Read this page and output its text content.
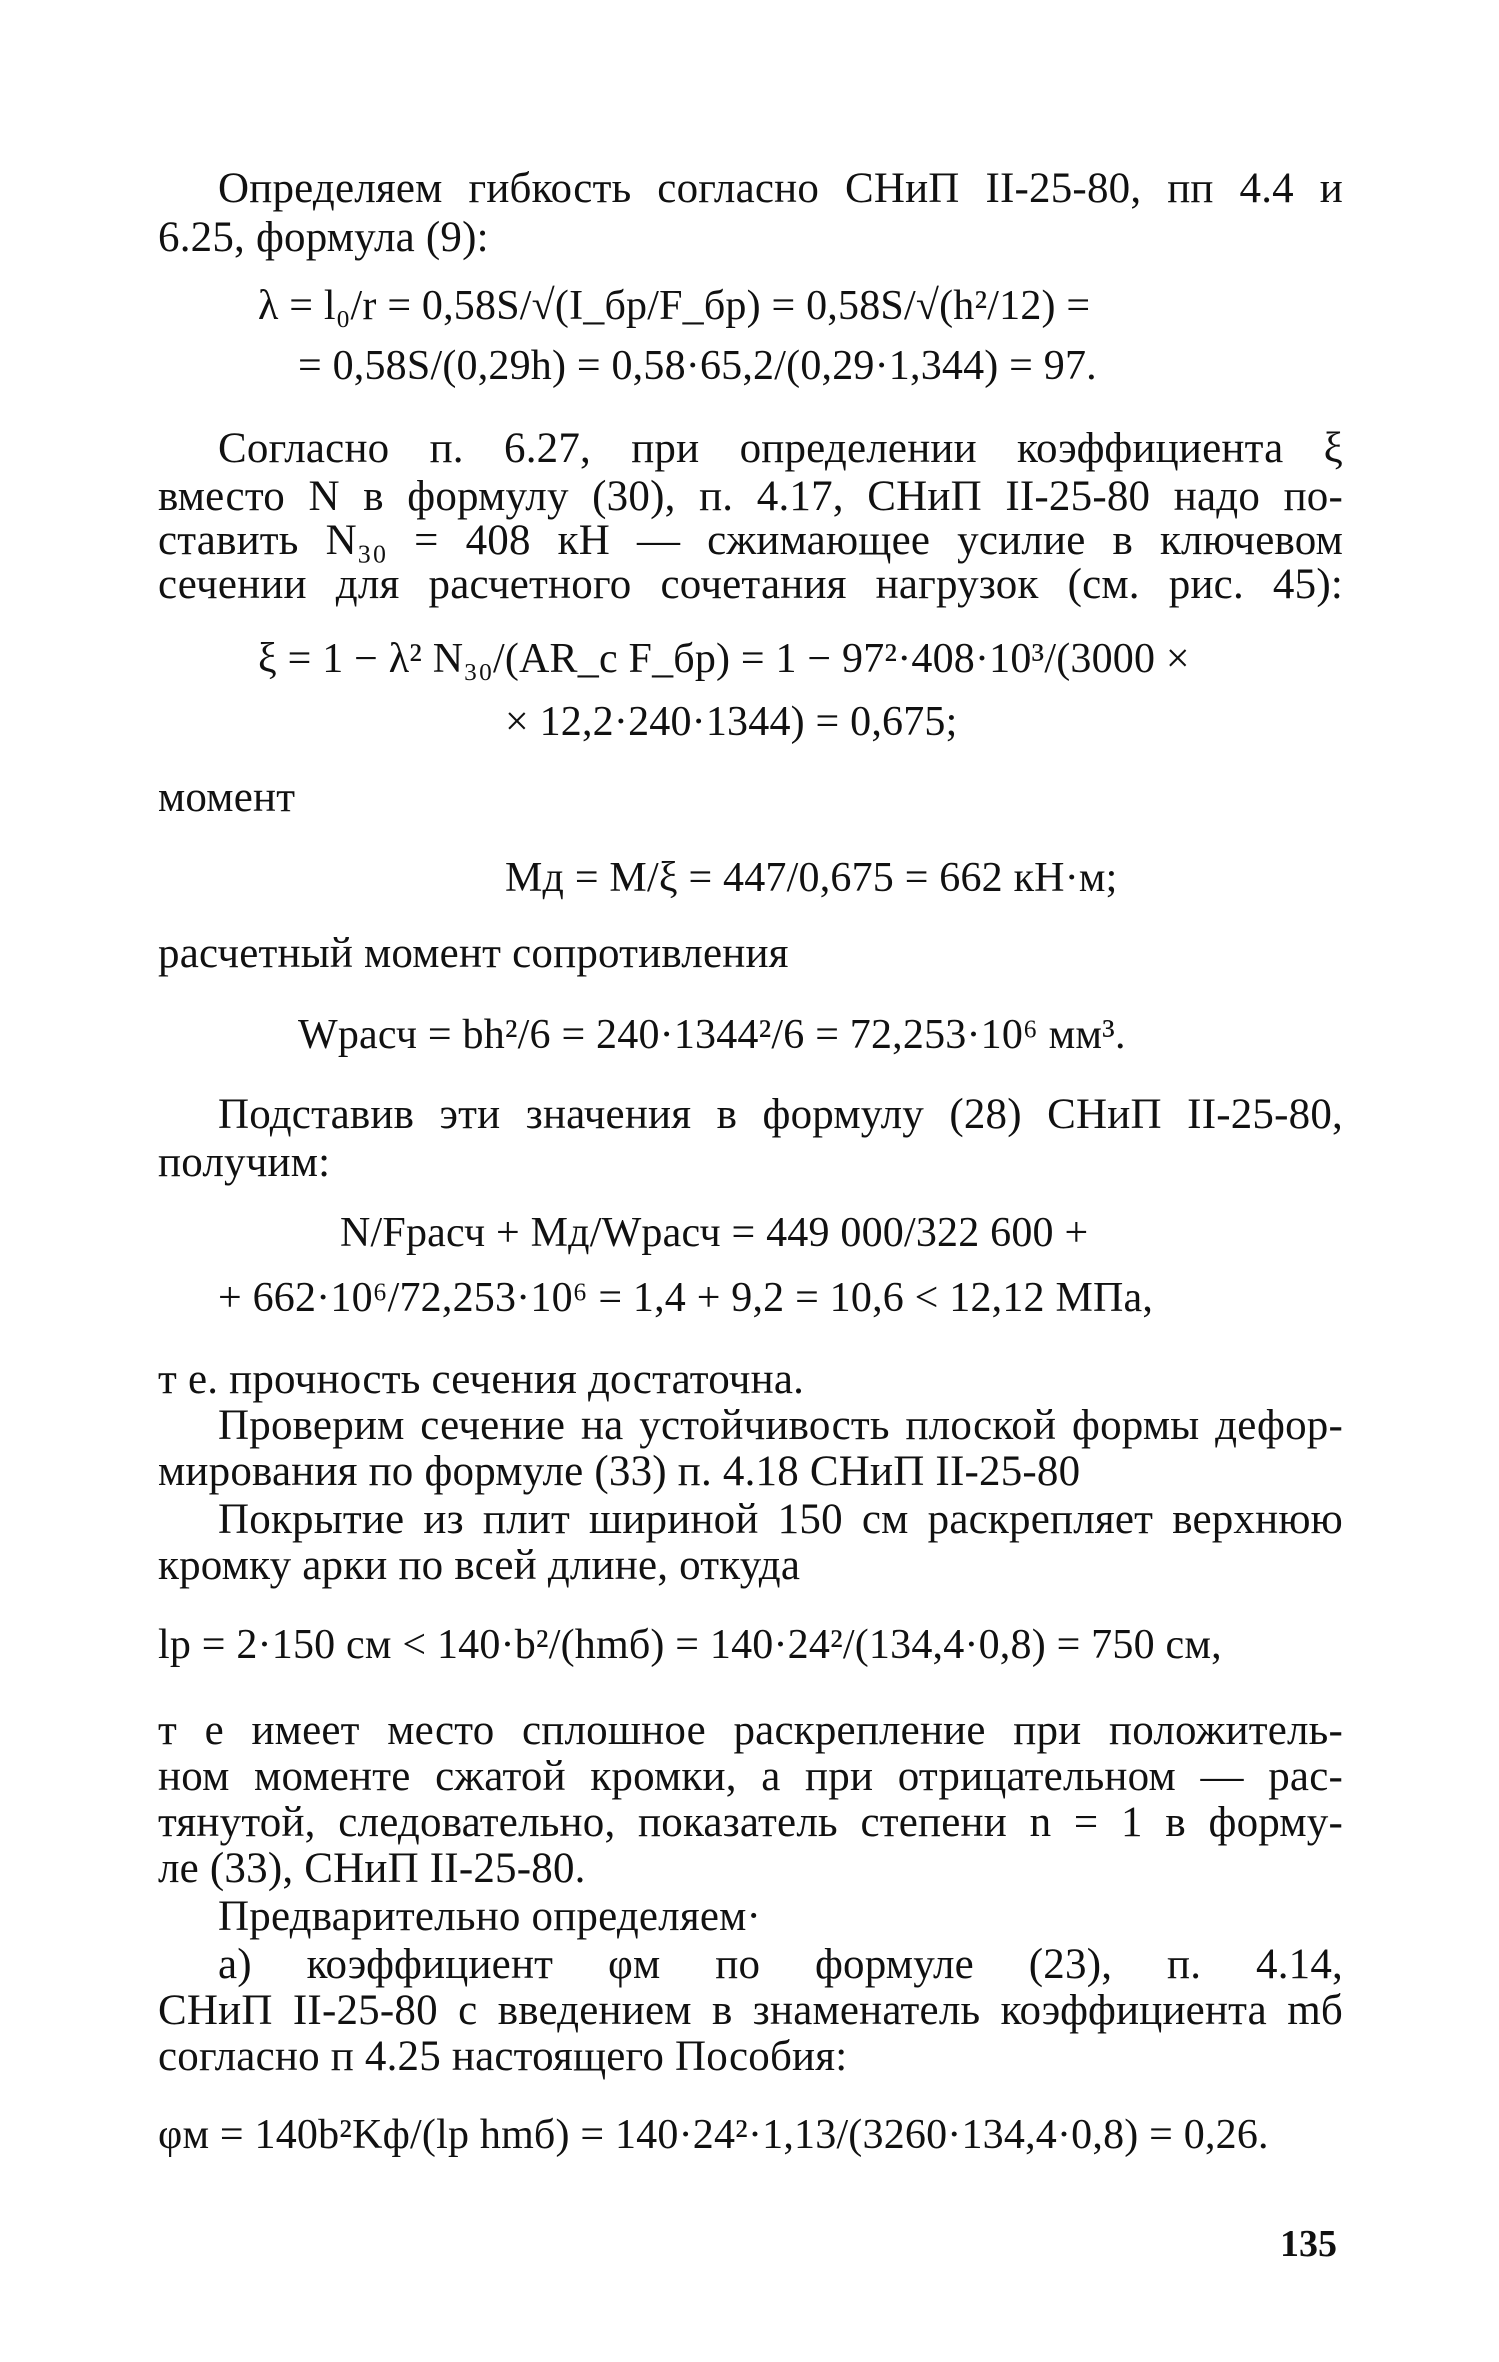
Определяем гибкость согласно СНиП II-25-80, пп 4.4 и
6.25, формула (9):
λ = l₀/r = 0,58S/√(I_бр/F_бр) = 0,58S/√(h²/12) =
= 0,58S/(0,29h) = 0,58·65,2/(0,29·1,344) = 97.
Согласно п. 6.27, при определении коэффициента ξ
вместо N в формулу (30), п. 4.17, СНиП II-25-80 надо по-
ставить N₃₀ = 408 кН — сжимающее усилие в ключевом
сечении для расчетного сочетания нагрузок (см. рис. 45):
ξ = 1 − λ² N₃₀/(AR_c F_бр) = 1 − 97²·408·10³/(3000 ×
× 12,2·240·1344) = 0,675;
момент
Mд = M/ξ = 447/0,675 = 662 кН·м;
расчетный момент сопротивления
Wрасч = bh²/6 = 240·1344²/6 = 72,253·10⁶ мм³.
Подставив эти значения в формулу (28) СНиП II-25-80,
получим:
N/Fрасч + Mд/Wрасч = 449 000/322 600 +
+ 662·10⁶/72,253·10⁶ = 1,4 + 9,2 = 10,6 < 12,12 МПа,
т е. прочность сечения достаточна.
Проверим сечение на устойчивость плоской формы дефор-
мирования по формуле (33) п. 4.18 СНиП II-25-80
Покрытие из плит шириной 150 см раскрепляет верхнюю
кромку арки по всей длине, откуда
lр = 2·150 см < 140·b²/(hmб) = 140·24²/(134,4·0,8) = 750 см,
т е имеет место сплошное раскрепление при положитель-
ном моменте сжатой кромки, а при отрицательном — рас-
тянутой, следовательно, показатель степени n = 1 в форму-
ле (33), СНиП II-25-80.
Предварительно определяем·
а) коэффициент φм по формуле (23), п. 4.14,
СНиП II-25-80 с введением в знаменатель коэффициента mб
согласно п 4.25 настоящего Пособия:
φм = 140b²Kф/(lр hmб) = 140·24²·1,13/(3260·134,4·0,8) = 0,26.
135
